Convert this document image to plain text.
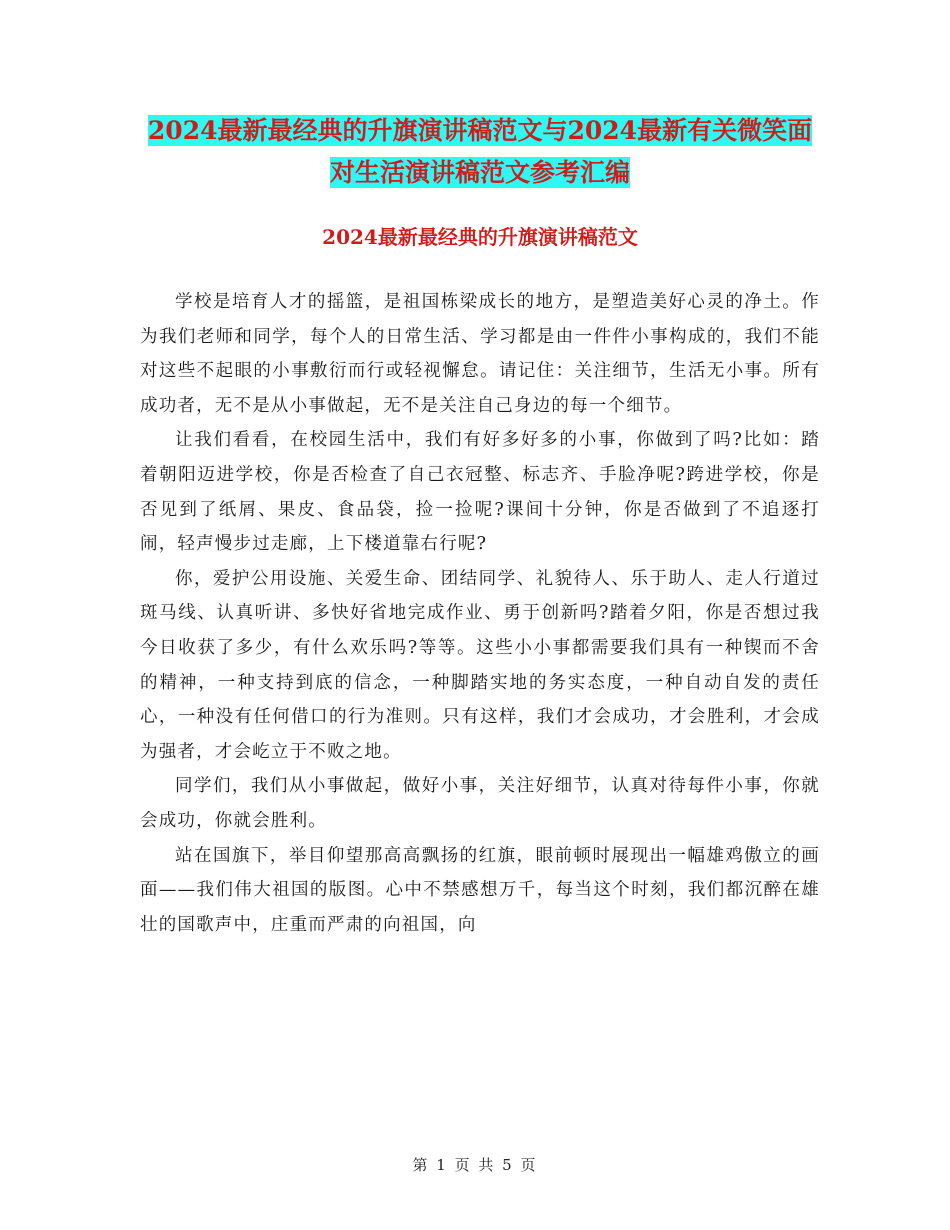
2024最新最经典的升旗演讲稿范文与2024最新有关微笑面对生活演讲稿范文参考汇编
2024最新最经典的升旗演讲稿范文

学校是培育人才的摇篮，是祖国栋梁成长的地方，是塑造美好心灵的净土。作为我们老师和同学，每个人的日常生活、学习都是由一件件小事构成的，我们不能对这些不起眼的小事敷衍而行或轻视懈怠。请记住：关注细节，生活无小事。所有成功者，无不是从小事做起，无不是关注自己身边的每一个细节。

让我们看看，在校园生活中，我们有好多好多的小事，你做到了吗?比如：踏着朝阳迈进学校，你是否检查了自己衣冠整、标志齐、手脸净呢?跨进学校，你是否见到了纸屑、果皮、食品袋，捡一捡呢?课间十分钟，你是否做到了不追逐打闹，轻声慢步过走廊，上下楼道靠右行呢?

你，爱护公用设施、关爱生命、团结同学、礼貌待人、乐于助人、走人行道过斑马线、认真听讲、多快好省地完成作业、勇于创新吗?踏着夕阳，你是否想过我今日收获了多少，有什么欢乐吗?等等。这些小小事都需要我们具有一种锲而不舍的精神，一种支持到底的信念，一种脚踏实地的务实态度，一种自动自发的责任心，一种没有任何借口的行为准则。只有这样，我们才会成功，才会胜利，才会成为强者，才会屹立于不败之地。

同学们，我们从小事做起，做好小事，关注好细节，认真对待每件小事，你就会成功，你就会胜利。

站在国旗下，举目仰望那高高飘扬的红旗，眼前顿时展现出一幅雄鸡傲立的画面——我们伟大祖国的版图。心中不禁感想万千，每当这个时刻，我们都沉醉在雄壮的国歌声中，庄重而严肃的向祖国，向

第 1 页 共 5 页
